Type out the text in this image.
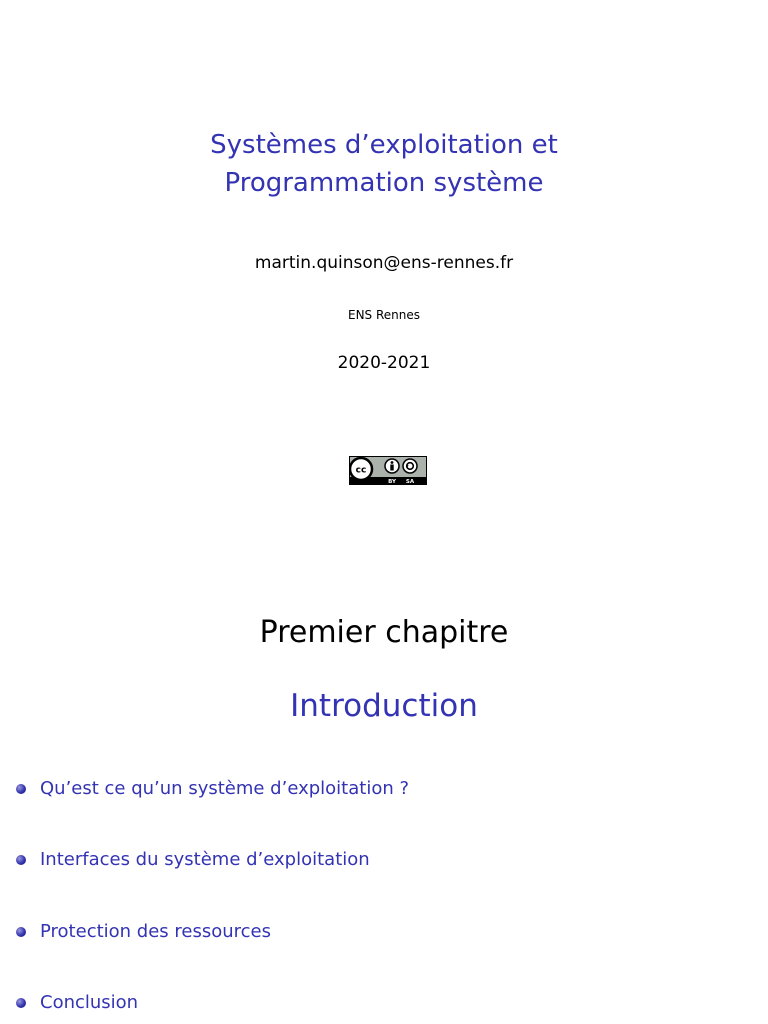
Systèmes d’exploitation et
Programmation système
martin.quinson@ens-rennes.fr
ENS Rennes
2020-2021
cc
BY SA
Premier chapitre
Introduction
Qu’est ce qu’un système d’exploitation ?
Interfaces du système d’exploitation
Protection des ressources
Conclusion
